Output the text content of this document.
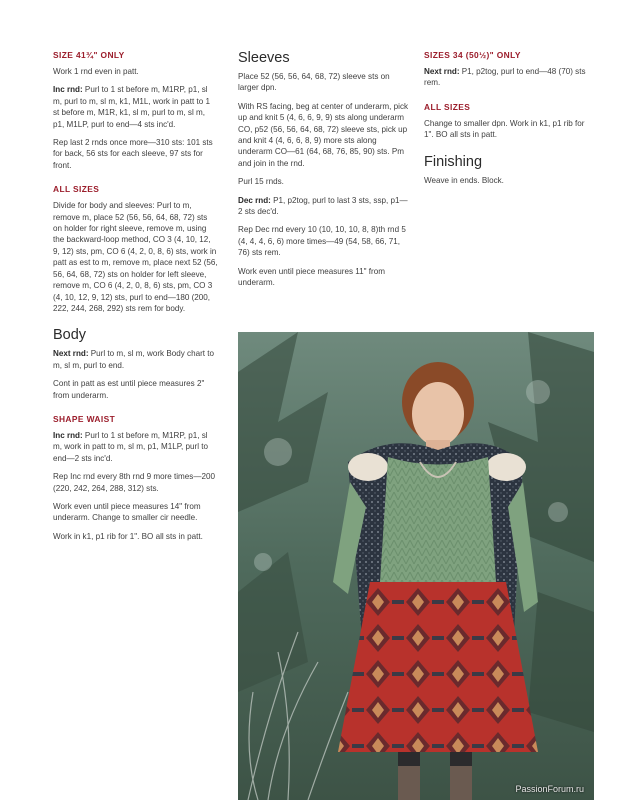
SIZE 41¾" ONLY

Work 1 rnd even in patt.

Inc rnd: Purl to 1 st before m, M1RP, p1, sl m, purl to m, sl m, k1, M1L, work in patt to 1 st before m, M1R, k1, sl m, purl to m, sl m, p1, M1LP, purl to end—4 sts inc'd.

Rep last 2 rnds once more—310 sts: 101 sts for back, 56 sts for each sleeve, 97 sts for front.

ALL SIZES

Divide for body and sleeves: Purl to m, remove m, place 52 (56, 56, 64, 68, 72) sts on holder for right sleeve, remove m, using the backward-loop method, CO 3 (4, 10, 12, 9, 12) sts, pm, CO 6 (4, 2, 0, 8, 6) sts, work in patt as est to m, remove m, place next 52 (56, 56, 64, 68, 72) sts on holder for left sleeve, remove m, CO 6 (4, 2, 0, 8, 6) sts, pm, CO 3 (4, 10, 12, 9, 12) sts, purl to end—180 (200, 222, 244, 268, 292) sts rem for body.

Body

Next rnd: Purl to m, sl m, work Body chart to m, sl m, purl to end.

Cont in patt as est until piece measures 2" from underarm.

SHAPE WAIST

Inc rnd: Purl to 1 st before m, M1RP, p1, sl m, work in patt to m, sl m, p1, M1LP, purl to end—2 sts inc'd.

Rep Inc rnd every 8th rnd 9 more times—200 (220, 242, 264, 288, 312) sts.

Work even until piece measures 14" from underarm. Change to smaller cir needle.

Work in k1, p1 rib for 1". BO all sts in patt.

Sleeves

Place 52 (56, 56, 64, 68, 72) sleeve sts on larger dpn.

With RS facing, beg at center of underarm, pick up and knit 5 (4, 6, 6, 9, 9) sts along underarm CO, p52 (56, 56, 64, 68, 72) sleeve sts, pick up and knit 4 (4, 6, 6, 8, 9) more sts along underarm CO—61 (64, 68, 76, 85, 90) sts. Pm and join in the rnd.

Purl 15 rnds.

Dec rnd: P1, p2tog, purl to last 3 sts, ssp, p1—2 sts dec'd.

Rep Dec rnd every 10 (10, 10, 10, 8, 8)th rnd 5 (4, 4, 4, 6, 6) more times—49 (54, 58, 66, 71, 76) sts rem.

Work even until piece measures 11" from underarm.

SIZES 34 (50½)" ONLY

Next rnd: P1, p2tog, purl to end—48 (70) sts rem.

ALL SIZES

Change to smaller dpn. Work in k1, p1 rib for 1". BO all sts in patt.

Finishing

Weave in ends. Block.

PassionForum.ru
